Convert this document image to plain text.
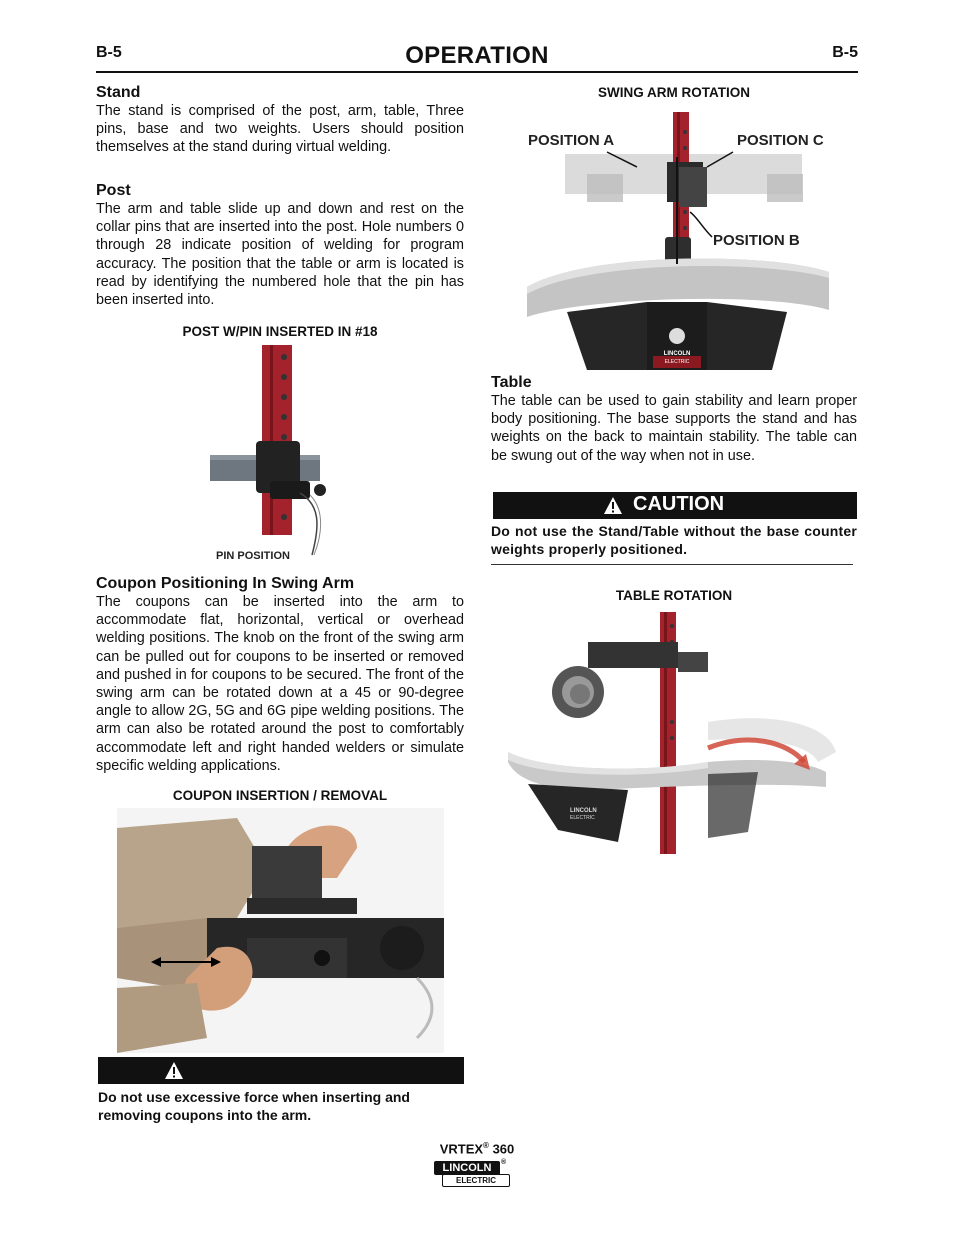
B-5	OPERATION	B-5
Stand

The stand is comprised of the post, arm, table, Three pins, base and two weights. Users should position themselves at the stand during virtual welding.

Post

The arm and table slide up and down and rest on the collar pins that are inserted into the post. Hole numbers 0 through 28 indicate position of welding for program accuracy. The position that the table or arm is located is read by identifying the numbered hole that the pin has been inserted into.

POST W/PIN INSERTED IN #18
PIN POSITION
Coupon Positioning In Swing Arm

The coupons can be inserted into the arm to accommodate flat, horizontal, vertical or overhead welding positions. The knob on the front of the swing arm can be pulled out for coupons to be inserted or removed and pushed in for coupons to be secured. The front of the swing arm can be rotated down at a 45 or 90-degree angle to allow 2G, 5G and 6G pipe welding positions. The arm can also be rotated around the post to comfortably accommodate left and right handed welders or simulate specific welding applications.

COUPON INSERTION / REMOVAL
Do not use excessive force when inserting and removing coupons into the arm.
SWING ARM ROTATION
POSITION A	POSITION C
POSITION B
LINCOLN
ELECTRIC
Table

The table can be used to gain stability and learn proper body positioning. The base supports the stand and has weights on the back to maintain stability. The table can be swung out of the way when not in use.

CAUTION
Do not use the Stand/Table without the base counter weights properly positioned.
TABLE ROTATION
LINCOLN
ELECTRIC
VRTEX® 360
LINCOLN	®
ELECTRIC
